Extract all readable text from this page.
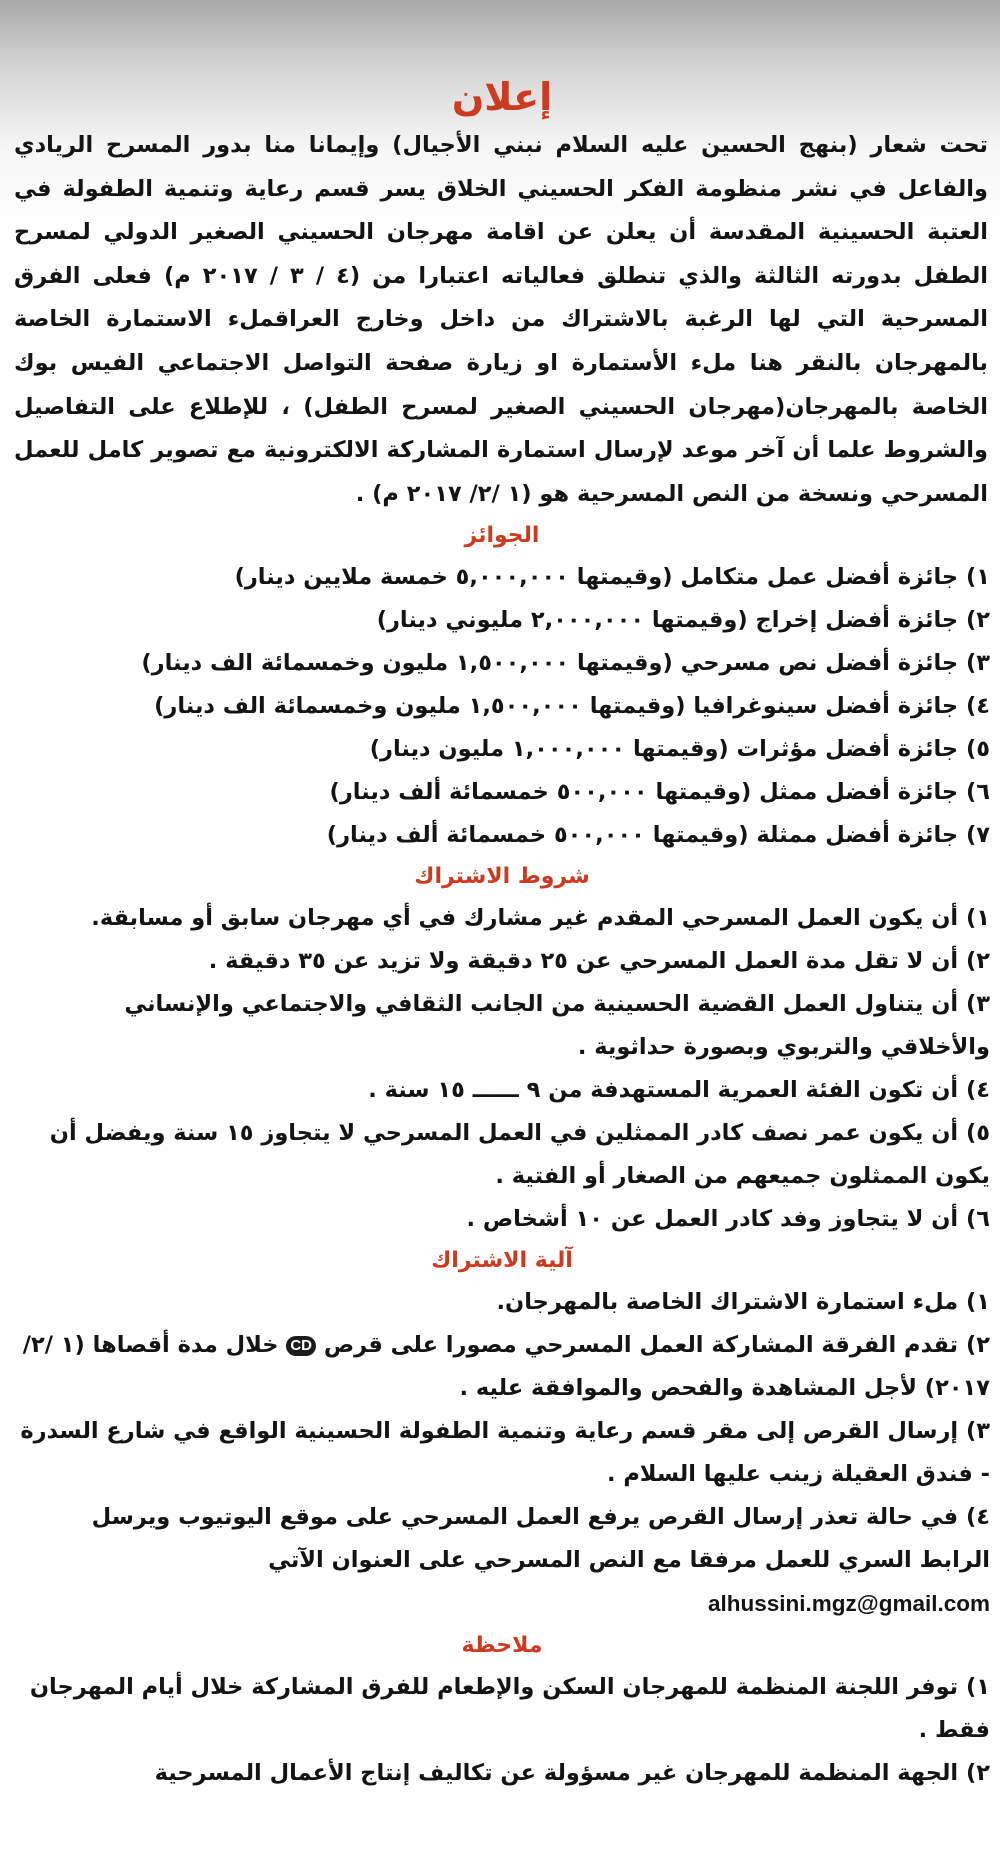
إعلان

تحت شعار (بنهج الحسين عليه السلام نبني الأجيال) وإيمانا منا بدور المسرح الريادي والفاعل في نشر منظومة الفكر الحسيني الخلاق يسر قسم رعاية وتنمية الطفولة في العتبة الحسينية المقدسة أن يعلن عن اقامة مهرجان الحسيني الصغير الدولي لمسرح الطفل بدورته الثالثة والذي تنطلق فعالياته اعتبارا من (٤ / ٣ / ٢٠١٧ م) فعلى الفرق المسرحية التي لها الرغبة بالاشتراك من داخل وخارج العراقملء الاستمارة الخاصة بالمهرجان بالنقر هنا ملء الأستمارة او زيارة صفحة التواصل الاجتماعي الفيس بوك الخاصة بالمهرجان(مهرجان الحسيني الصغير لمسرح الطفل) ، للإطلاع على التفاصيل والشروط علما أن آخر موعد لإرسال استمارة المشاركة الالكترونية مع تصوير كامل للعمل المسرحي ونسخة من النص المسرحية هو (١ /٢/ ٢٠١٧ م) .

الجوائز
١) جائزة أفضل عمل متكامل (وقيمتها ٥,٠٠٠,٠٠٠ خمسة ملايين دينار)
٢) جائزة أفضل إخراج (وقيمتها ٢,٠٠٠,٠٠٠ مليوني دينار)
٣) جائزة أفضل نص مسرحي (وقيمتها ١,٥٠٠,٠٠٠ مليون وخمسمائة الف دينار)
٤) جائزة أفضل سينوغرافيا (وقيمتها ١,٥٠٠,٠٠٠ مليون وخمسمائة الف دينار)
٥) جائزة أفضل مؤثرات (وقيمتها ١,٠٠٠,٠٠٠ مليون دينار)
٦) جائزة أفضل ممثل (وقيمتها ٥٠٠,٠٠٠ خمسمائة ألف دينار)
٧) جائزة أفضل ممثلة (وقيمتها ٥٠٠,٠٠٠ خمسمائة ألف دينار)
شروط الاشتراك
١) أن يكون العمل المسرحي المقدم غير مشارك في أي مهرجان سابق أو مسابقة.
٢) أن لا تقل مدة العمل المسرحي عن ٢٥ دقيقة ولا تزيد عن ٣٥ دقيقة .
٣) أن يتناول العمل القضية الحسينية من الجانب الثقافي والاجتماعي والإنساني والأخلاقي والتربوي وبصورة حداثوية .
٤) أن تكون الفئة العمرية المستهدفة من ٩ ــــــ ١٥ سنة .
٥) أن يكون عمر نصف كادر الممثلين في العمل المسرحي لا يتجاوز ١٥ سنة ويفضل أن يكون الممثلون جميعهم من الصغار أو الفتية .
٦) أن لا يتجاوز وفد كادر العمل عن ١٠ أشخاص .
آلية الاشتراك
١) ملء استمارة الاشتراك الخاصة بالمهرجان.
٢) تقدم الفرقة المشاركة العمل المسرحي مصورا على قرص CD خلال مدة أقصاها (١ /٢/ ٢٠١٧) لأجل المشاهدة والفحص والموافقة عليه .
٣) إرسال القرص إلى مقر قسم رعاية وتنمية الطفولة الحسينية الواقع في شارع السدرة - فندق العقيلة زينب عليها السلام .
٤) في حالة تعذر إرسال القرص يرفع العمل المسرحي على موقع اليوتيوب ويرسل الرابط السري للعمل مرفقا مع النص المسرحي على العنوان الآتي alhussini.mgz@gmail.com
ملاحظة
١) توفر اللجنة المنظمة للمهرجان السكن والإطعام للفرق المشاركة خلال أيام المهرجان فقط .
٢) الجهة المنظمة للمهرجان غير مسؤولة عن تكاليف إنتاج الأعمال المسرحية
